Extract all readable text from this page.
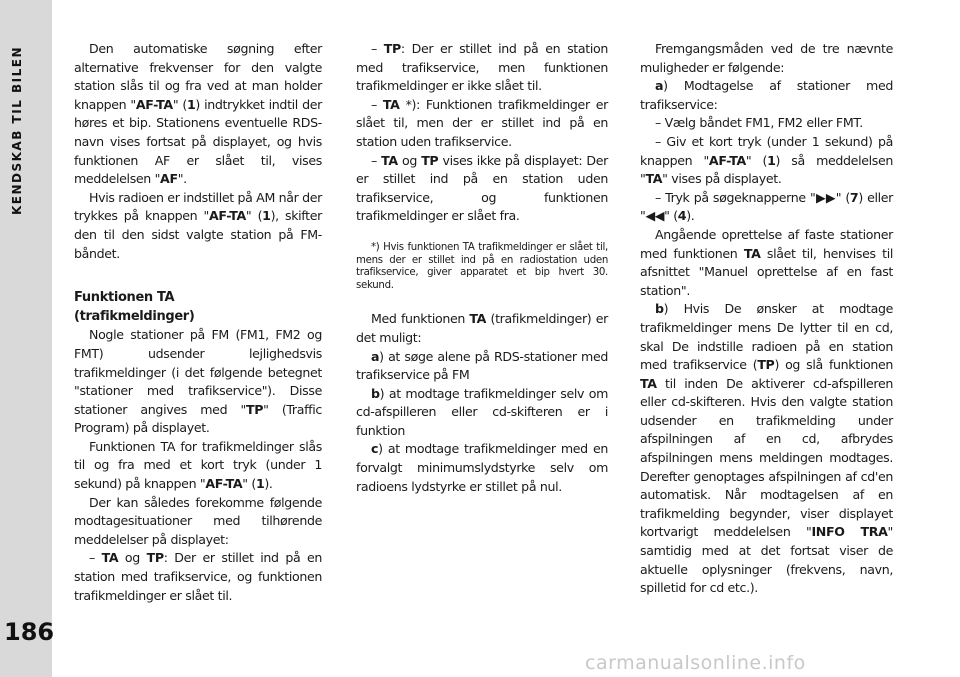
KENDSKAB TIL BILEN
186

Den automatiske søgning efter alternative frekvenser for den valgte station slås til og fra ved at man holder knappen "AF-TA" (1) indtrykket indtil der høres et bip. Stationens eventuelle RDS-navn vises fortsat på displayet, og hvis funktionen AF er slået til, vises meddelelsen "AF".

Hvis radioen er indstillet på AM når der trykkes på knappen "AF-TA" (1), skifter den til den sidst valgte station på FM-båndet.

Funktionen TA
(trafikmeldinger)

Nogle stationer på FM (FM1, FM2 og FMT) udsender lejlighedsvis trafikmeldinger (i det følgende betegnet "stationer med trafikservice"). Disse stationer angives med "TP" (Traffic Program) på displayet.

Funktionen TA for trafikmeldinger slås til og fra med et kort tryk (under 1 sekund) på knappen "AF-TA" (1).

Der kan således forekomme følgende modtagesituationer med tilhørende meddelelser på displayet:

– TA og TP: Der er stillet ind på en station med trafikservice, og funktionen trafikmeldinger er slået til.

– TP: Der er stillet ind på en station med trafikservice, men funktionen trafikmeldinger er ikke slået til.

– TA *): Funktionen trafikmeldinger er slået til, men der er stillet ind på en station uden trafikservice.

– TA og TP vises ikke på displayet: Der er stillet ind på en station uden trafikservice, og funktionen trafikmeldinger er slået fra.

*) Hvis funktionen TA trafikmeldinger er slået til, mens der er stillet ind på en radiostation uden trafikservice, giver apparatet et bip hvert 30. sekund.

Med funktionen TA (trafikmeldinger) er det muligt:

a) at søge alene på RDS-stationer med trafikservice på FM

b) at modtage trafikmeldinger selv om cd-afspilleren eller cd-skifteren er i funktion

c) at modtage trafikmeldinger med en forvalgt minimumslydstyrke selv om radioens lydstyrke er stillet på nul.

Fremgangsmåden ved de tre nævnte muligheder er følgende:

a) Modtagelse af stationer med trafikservice:

– Vælg båndet FM1, FM2 eller FMT.

– Giv et kort tryk (under 1 sekund) på knappen "AF-TA" (1) så meddelelsen "TA" vises på displayet.

– Tryk på søgeknapperne "▶▶" (7) eller "◀◀" (4).

Angående oprettelse af faste stationer med funktionen TA slået til, henvises til afsnittet "Manuel oprettelse af en fast station".

b) Hvis De ønsker at modtage trafikmeldinger mens De lytter til en cd, skal De indstille radioen på en station med trafikservice (TP) og slå funktionen TA til inden De aktiverer cd-afspilleren eller cd-skifteren. Hvis den valgte station udsender en trafikmelding under afspilningen af en cd, afbrydes afspilningen mens meldingen modtages. Derefter genoptages afspilningen af cd'en automatisk. Når modtagelsen af en trafikmelding begynder, viser displayet kortvarigt meddelelsen "INFO TRA" samtidig med at det fortsat viser de aktuelle oplysninger (frekvens, navn, spilletid for cd etc.).

carmanualsonline.info
